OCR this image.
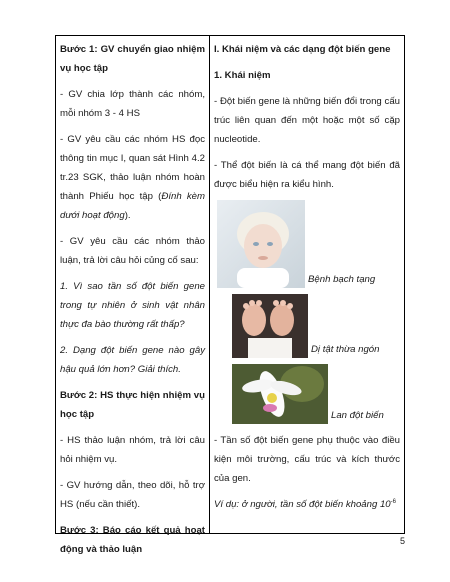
Bước 1: GV chuyển giao nhiệm vụ học tập

- GV chia lớp thành các nhóm, mỗi nhóm 3 - 4 HS

- GV yêu cầu các nhóm HS đọc thông tin mục I, quan sát Hình 4.2 tr.23 SGK, thảo luận nhóm hoàn thành Phiếu học tập (Đính kèm dưới hoạt động).

- GV yêu cầu các nhóm thảo luận, trả lời câu hỏi củng cố sau:

1. Vì sao tần số đột biến gene trong tự nhiên ở sinh vật nhân thực đa bào thường rất thấp?

2. Dạng đột biến gene nào gây hậu quả lớn hơn? Giải thích.

Bước 2: HS thực hiện nhiệm vụ học tập

- HS thảo luận nhóm, trả lời câu hỏi nhiệm vụ.

- GV hướng dẫn, theo dõi, hỗ trợ HS (nếu cần thiết).

Bước 3: Báo cáo kết quả hoạt động và thảo luận

I. Khái niệm và các dạng đột biến gene

1. Khái niệm

- Đột biến gene là những biến đổi trong cấu trúc liên quan đến một hoặc một số cặp nucleotide.

- Thể đột biến là cá thể mang đột biến đã được biểu hiện ra kiểu hình.

Bệnh bạch tạng
Dị tật thừa ngón
Lan đột biến

- Tần số đột biến gene phụ thuộc vào điều kiện môi trường, cấu trúc và kích thước của gen.

Ví dụ: ở người, tần số đột biến khoảng $10^{-6}$

5
